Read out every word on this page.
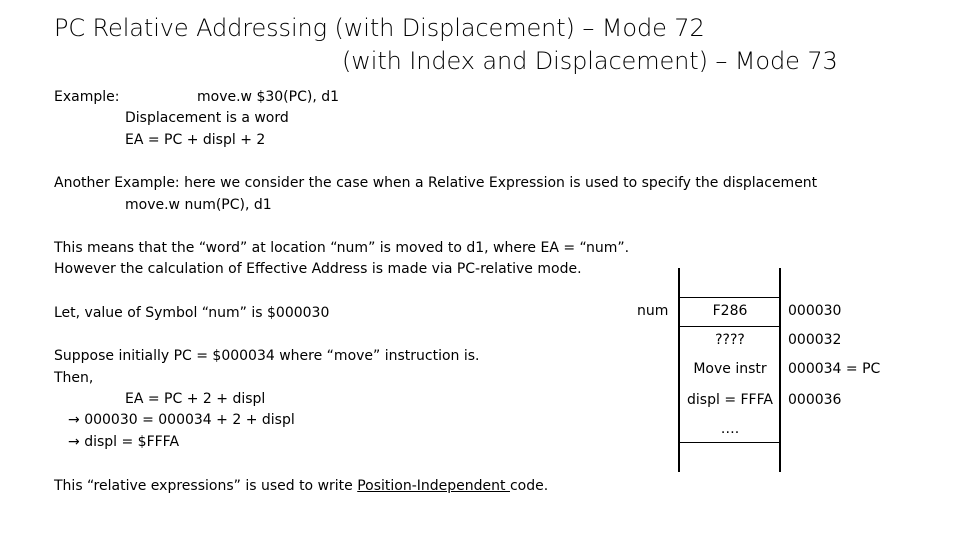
PC Relative Addressing (with Displacement) – Mode 72
(with Index and Displacement) – Mode 73
Example:	move.w $30(PC), d1
Displacement is a word
EA = PC + displ + 2
Another Example: here we consider the case when a Relative Expression is used to specify the displacement
move.w num(PC), d1
This means that the “word” at location “num” is moved to d1, where EA = “num”.
However the calculation of Effective Address is made via PC-relative mode.
Let, value of Symbol “num” is $000030
Suppose initially PC = $000034 where “move” instruction is.
Then,
EA = PC + 2 + displ
→ 000030 = 000034 + 2 + displ
→ displ = $FFFA
This “relative expressions” is used to write Position-Independent code.
num	F286
????
Move instr
displ = FFFA
….
000030
000032
000034 = PC
000036
